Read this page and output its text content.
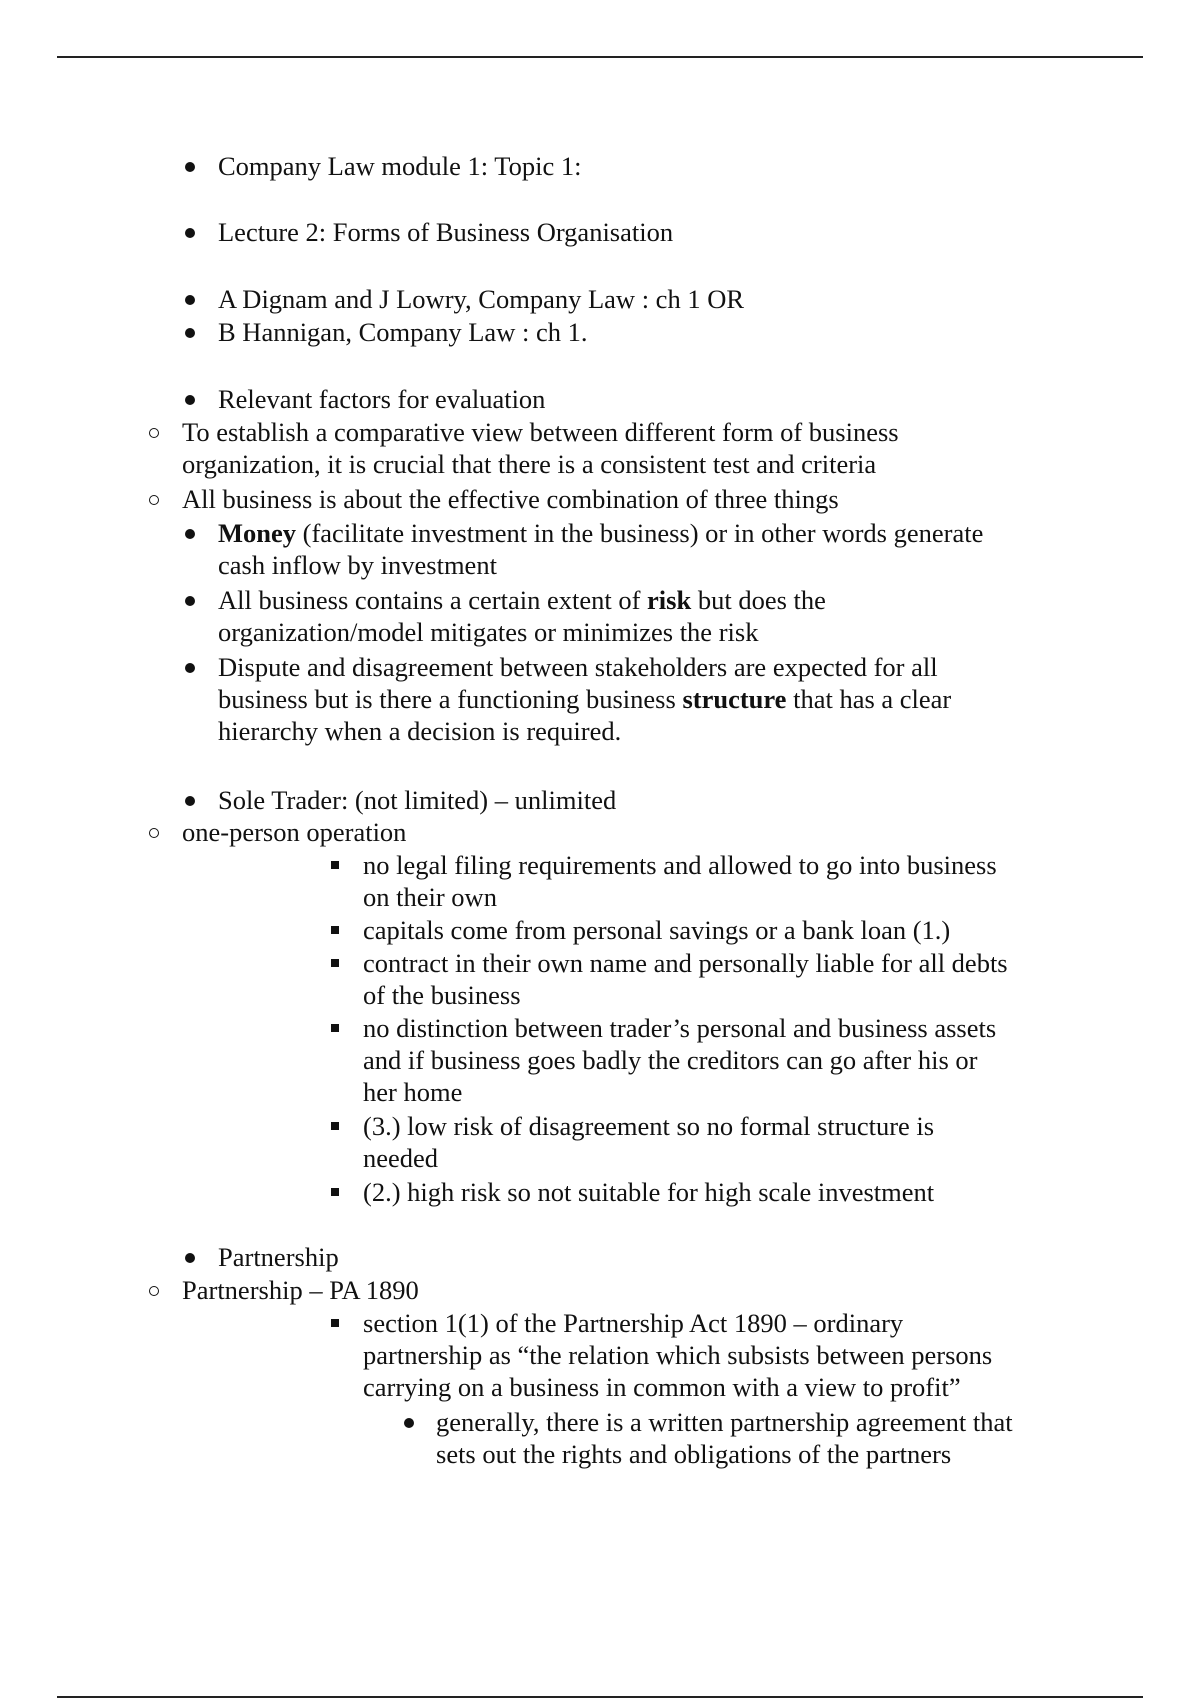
Company Law module 1: Topic 1:
Lecture 2: Forms of Business Organisation
A Dignam and J Lowry, Company Law : ch 1 OR
B Hannigan, Company Law : ch 1.
Relevant factors for evaluation
To establish a comparative view between different form of business
organization, it is crucial that there is a consistent test and criteria
All business is about the effective combination of three things
Money (facilitate investment in the business) or in other words generate
cash inflow by investment
All business contains a certain extent of risk but does the
organization/model mitigates or minimizes the risk
Dispute and disagreement between stakeholders are expected for all
business but is there a functioning business structure that has a clear
hierarchy when a decision is required.
Sole Trader: (not limited) – unlimited
one-person operation
no legal filing requirements and allowed to go into business
on their own
capitals come from personal savings or a bank loan (1.)
contract in their own name and personally liable for all debts
of the business
no distinction between trader’s personal and business assets
and if business goes badly the creditors can go after his or
her home
(3.) low risk of disagreement so no formal structure is
needed
(2.) high risk so not suitable for high scale investment
Partnership
Partnership – PA 1890
section 1(1) of the Partnership Act 1890 – ordinary
partnership as “the relation which subsists between persons
carrying on a business in common with a view to profit”
generally, there is a written partnership agreement that
sets out the rights and obligations of the partners
